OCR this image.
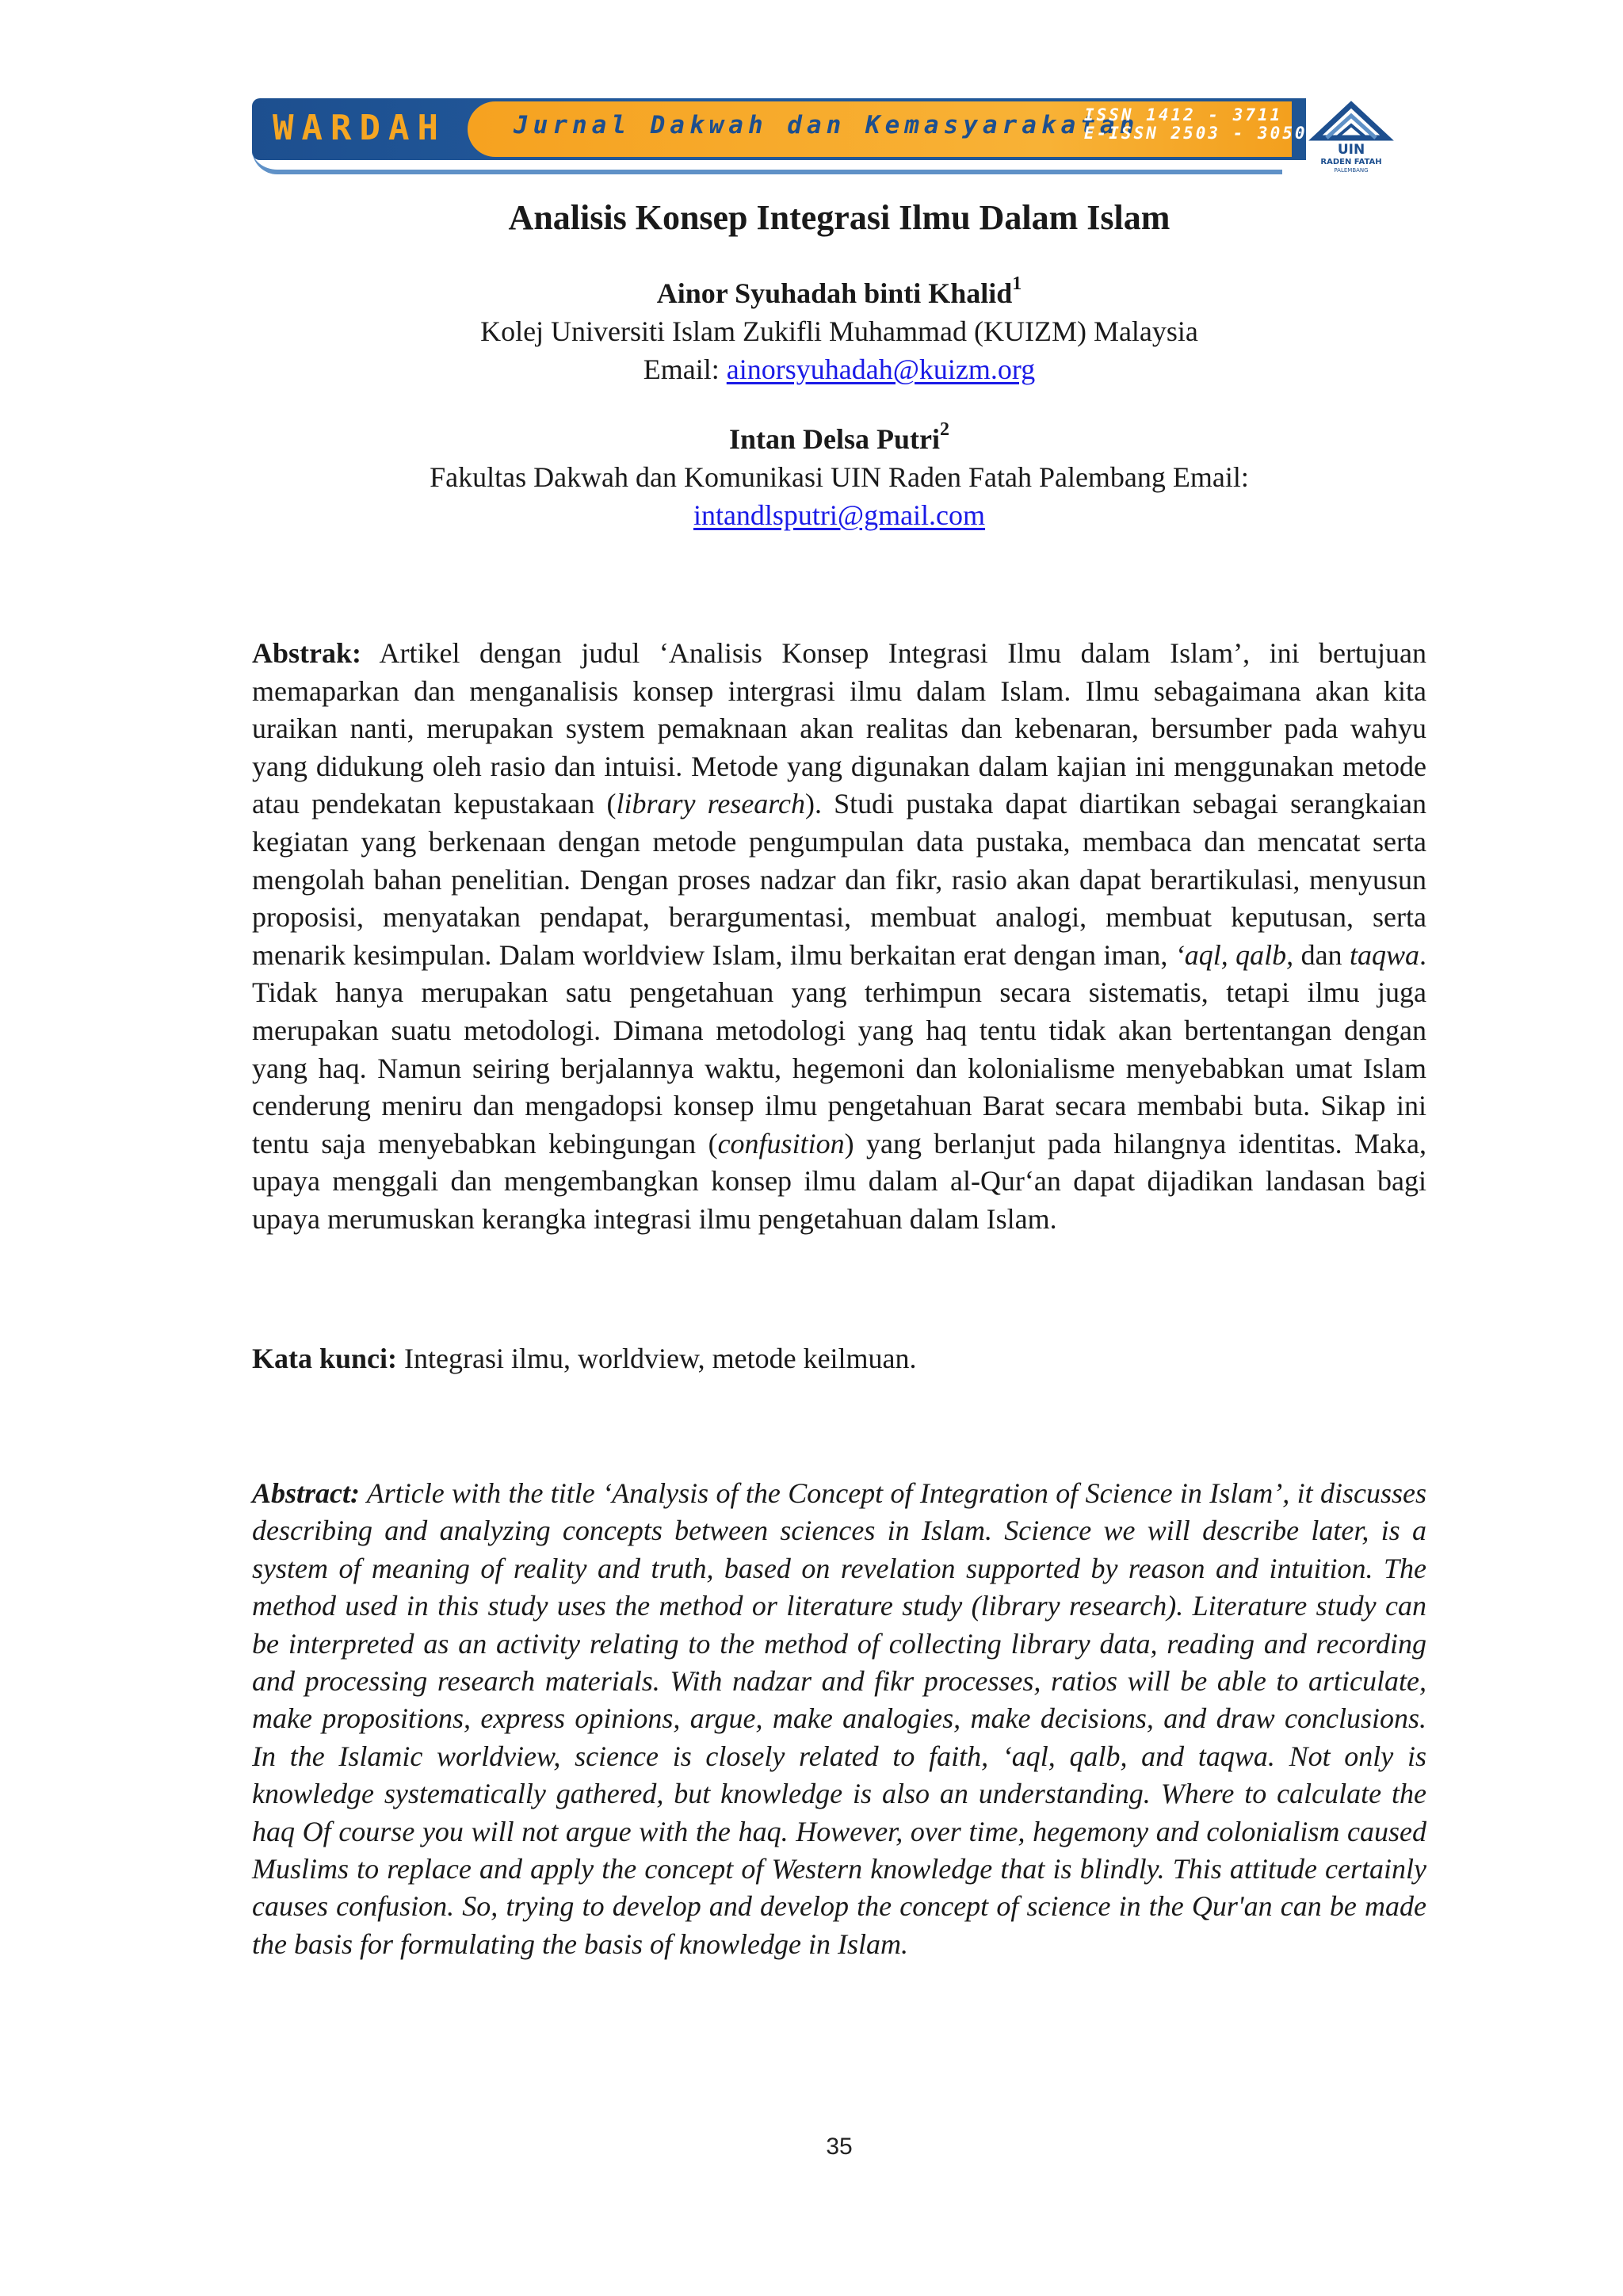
WARDAH	Jurnal Dakwah dan Kemasyarakatan
ISSN 1412 - 3711
E-ISSN 2503 - 3050
UIN
RADEN FATAH
PALEMBANG
Analisis Konsep Integrasi Ilmu Dalam Islam
Ainor Syuhadah binti Khalid$^1$
Kolej Universiti Islam Zukifli Muhammad (KUIZM) Malaysia
Email: ainorsyuhadah@kuizm.org
Intan Delsa Putri$^2$
Fakultas Dakwah dan Komunikasi UIN Raden Fatah Palembang Email:
intandlsputri@gmail.com
Abstrak: Artikel dengan judul ‘Analisis Konsep Integrasi Ilmu dalam Islam’, ini bertujuan memaparkan dan menganalisis konsep intergrasi ilmu dalam Islam. Ilmu sebagaimana akan kita uraikan nanti, merupakan system pemaknaan akan realitas dan kebenaran, bersumber pada wahyu yang didukung oleh rasio dan intuisi. Metode yang digunakan dalam kajian ini menggunakan metode atau pendekatan kepustakaan (library research). Studi pustaka dapat diartikan sebagai serangkaian kegiatan yang berkenaan dengan metode pengumpulan data pustaka, membaca dan mencatat serta mengolah bahan penelitian. Dengan proses nadzar dan fikr, rasio akan dapat berartikulasi, menyusun proposisi, menyatakan pendapat, berargumentasi, membuat analogi, membuat keputusan, serta menarik kesimpulan. Dalam worldview Islam, ilmu berkaitan erat dengan iman, ‘aql, qalb, dan taqwa. Tidak hanya merupakan satu pengetahuan yang terhimpun secara sistematis, tetapi ilmu juga merupakan suatu metodologi. Dimana metodologi yang haq tentu tidak akan bertentangan dengan yang haq. Namun seiring berjalannya waktu, hegemoni dan kolonialisme menyebabkan umat Islam cenderung meniru dan mengadopsi konsep ilmu pengetahuan Barat secara membabi buta. Sikap ini tentu saja menyebabkan kebingungan (confusition) yang berlanjut pada hilangnya identitas. Maka, upaya menggali dan mengembangkan konsep ilmu dalam al-Qur‘an dapat dijadikan landasan bagi upaya merumuskan kerangka integrasi ilmu pengetahuan dalam Islam.
Kata kunci: Integrasi ilmu, worldview, metode keilmuan.
Abstract: Article with the title ‘Analysis of the Concept of Integration of Science in Islam’, it discusses describing and analyzing concepts between sciences in Islam. Science we will describe later, is a system of meaning of reality and truth, based on revelation supported by reason and intuition. The method used in this study uses the method or literature study (library research). Literature study can be interpreted as an activity relating to the method of collecting library data, reading and recording and processing research materials. With nadzar and fikr processes, ratios will be able to articulate, make propositions, express opinions, argue, make analogies, make decisions, and draw conclusions. In the Islamic worldview, science is closely related to faith, ‘aql, qalb, and taqwa. Not only is knowledge systematically gathered, but knowledge is also an understanding. Where to calculate the haq Of course you will not argue with the haq. However, over time, hegemony and colonialism caused Muslims to replace and apply the concept of Western knowledge that is blindly. This attitude certainly causes confusion. So, trying to develop and develop the concept of science in the Qur'an can be made the basis for formulating the basis of knowledge in Islam.
35
